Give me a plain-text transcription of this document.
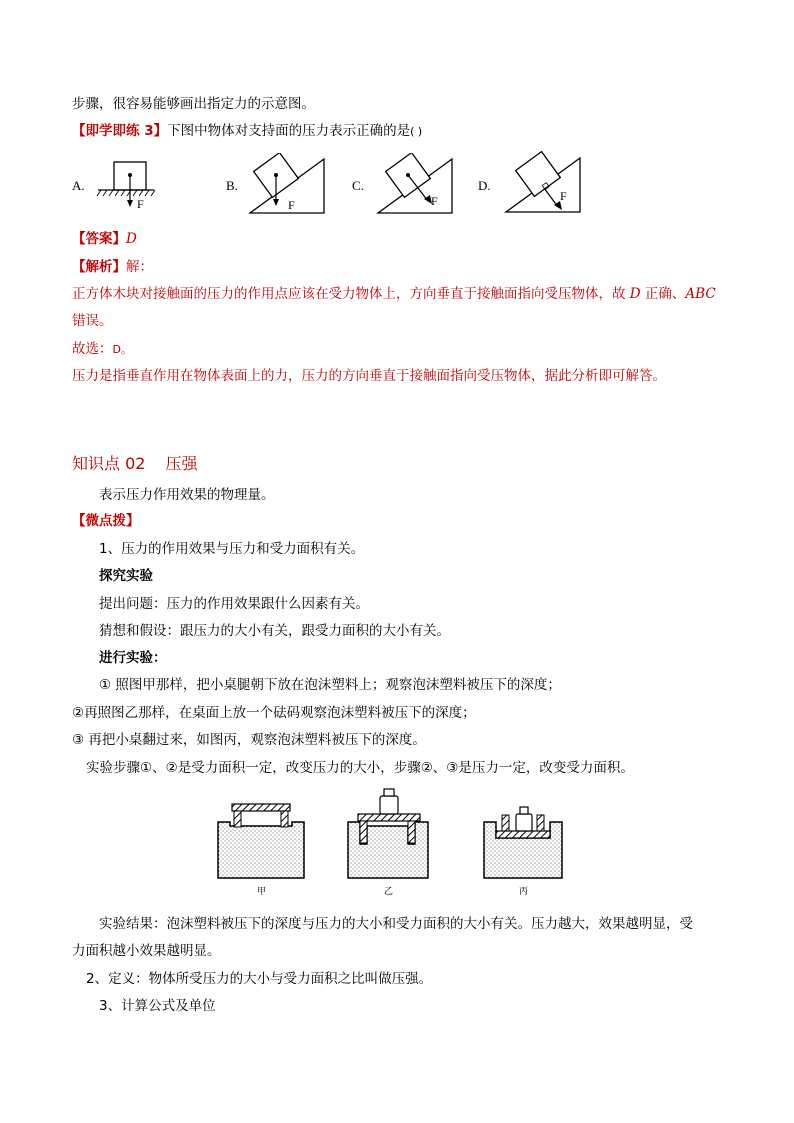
步骤，很容易能够画出指定力的示意图。
【即学即练 3】下图中物体对支持面的压力表示正确的是( )
A.	B.	C.	D.
F	F	F	F
【答案】D
【解析】解：
正方体木块对接触面的压力的作用点应该在受力物体上，方向垂直于接触面指向受压物体，故 D 正确、ABC
错误。
故选：D。
压力是指垂直作用在物体表面上的力，压力的方向垂直于接触面指向受压物体，据此分析即可解答。
知识点 02 压强
表示压力作用效果的物理量。
【微点拨】
1、压力的作用效果与压力和受力面积有关。
探究实验
提出问题：压力的作用效果跟什么因素有关。
猜想和假设：跟压力的大小有关，跟受力面积的大小有关。
进行实验：
① 照图甲那样，把小桌腿朝下放在泡沫塑料上；观察泡沫塑料被压下的深度；
②再照图乙那样，在桌面上放一个砝码观察泡沫塑料被压下的深度；
③ 再把小桌翻过来，如图丙，观察泡沫塑料被压下的深度。
实验步骤①、②是受力面积一定，改变压力的大小，步骤②、③是压力一定，改变受力面积。
甲	乙	丙
实验结果：泡沫塑料被压下的深度与压力的大小和受力面积的大小有关。压力越大，效果越明显，受
力面积越小效果越明显。
2、定义：物体所受压力的大小与受力面积之比叫做压强。
3、计算公式及单位
